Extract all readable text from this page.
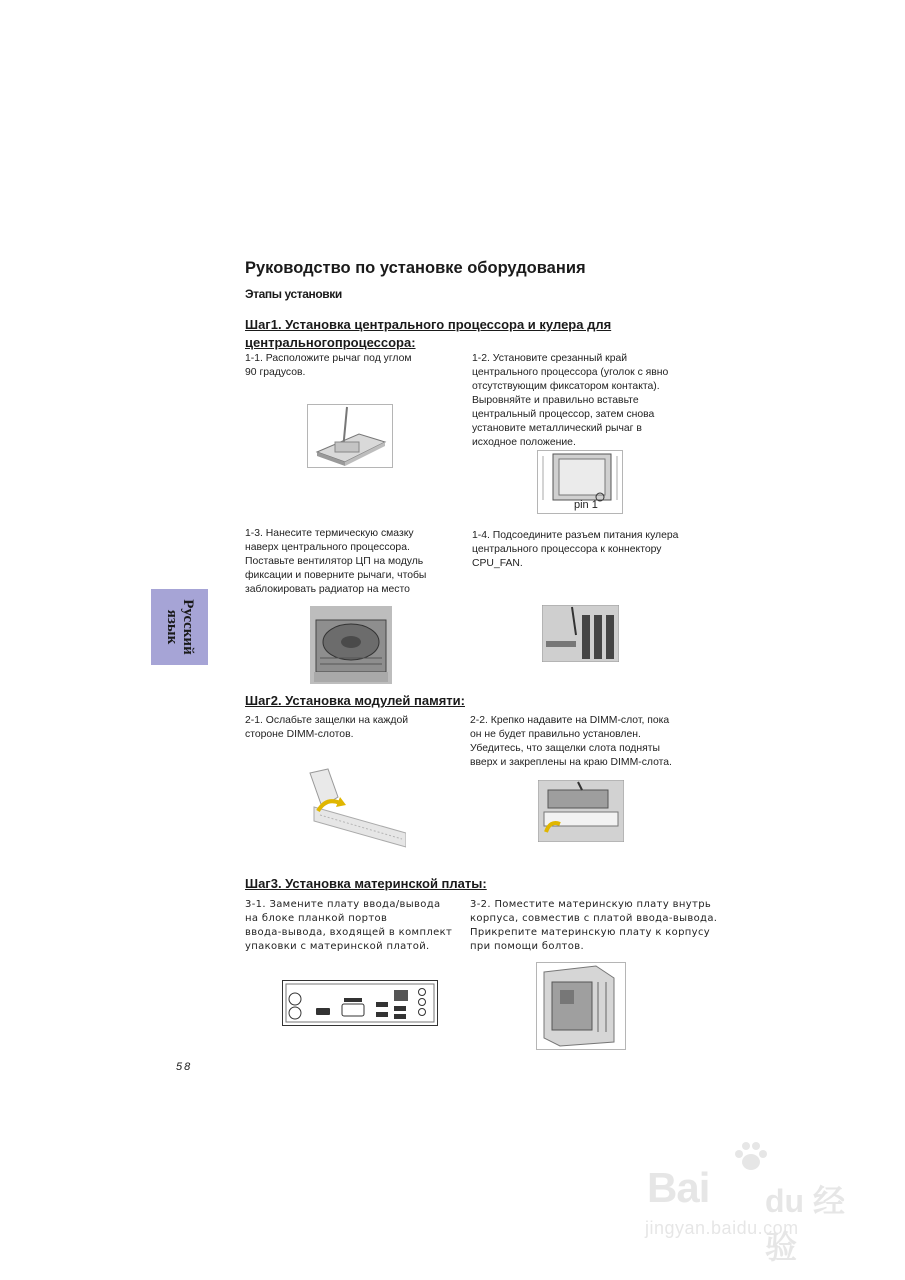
Руководство по установке оборудования
Этапы установки
Шаг1. Установка центрального процессора и кулера для
центральногопроцессора:
1-1. Расположите рычаг под углом
90 градусов.
1-2. Установите срезанный край
центрального процессора (уголок с явно
отсутствующим фиксатором контакта).
Выровняйте и правильно вставьте
центральный процессор, затем снова
установите металлический рычаг в
исходное положение.
pin 1
1-3. Нанесите термическую смазку
наверх центрального процессора.
Поставьте вентилятор ЦП на модуль
фиксации и поверните рычаги, чтобы
заблокировать радиатор на место
1-4. Подсоедините разъем питания кулера
центрального процессора к коннектору
CPU_FAN.
Русский
язык
Шаг2. Установка модулей памяти:
2-1. Ослабьте защелки на каждой
стороне DIMM-слотов.
2-2. Крепко надавите на DIMM-слот, пока
он не будет правильно установлен.
Убедитесь, что защелки слота подняты
вверх и закреплены на краю DIMM-слота.
Шаг3. Установка материнской платы:
3-1. Замените плату ввода/вывода
на блоке планкой портов
ввода-вывода, входящей в комплект
упаковки с материнской платой.
3-2. Поместите материнскую плату внутрь
корпуса, совместив с платой ввода-вывода.
Прикрепите материнскую плату к корпусу
при помощи болтов.
58
Bai du 经验
jingyan.baidu.com
